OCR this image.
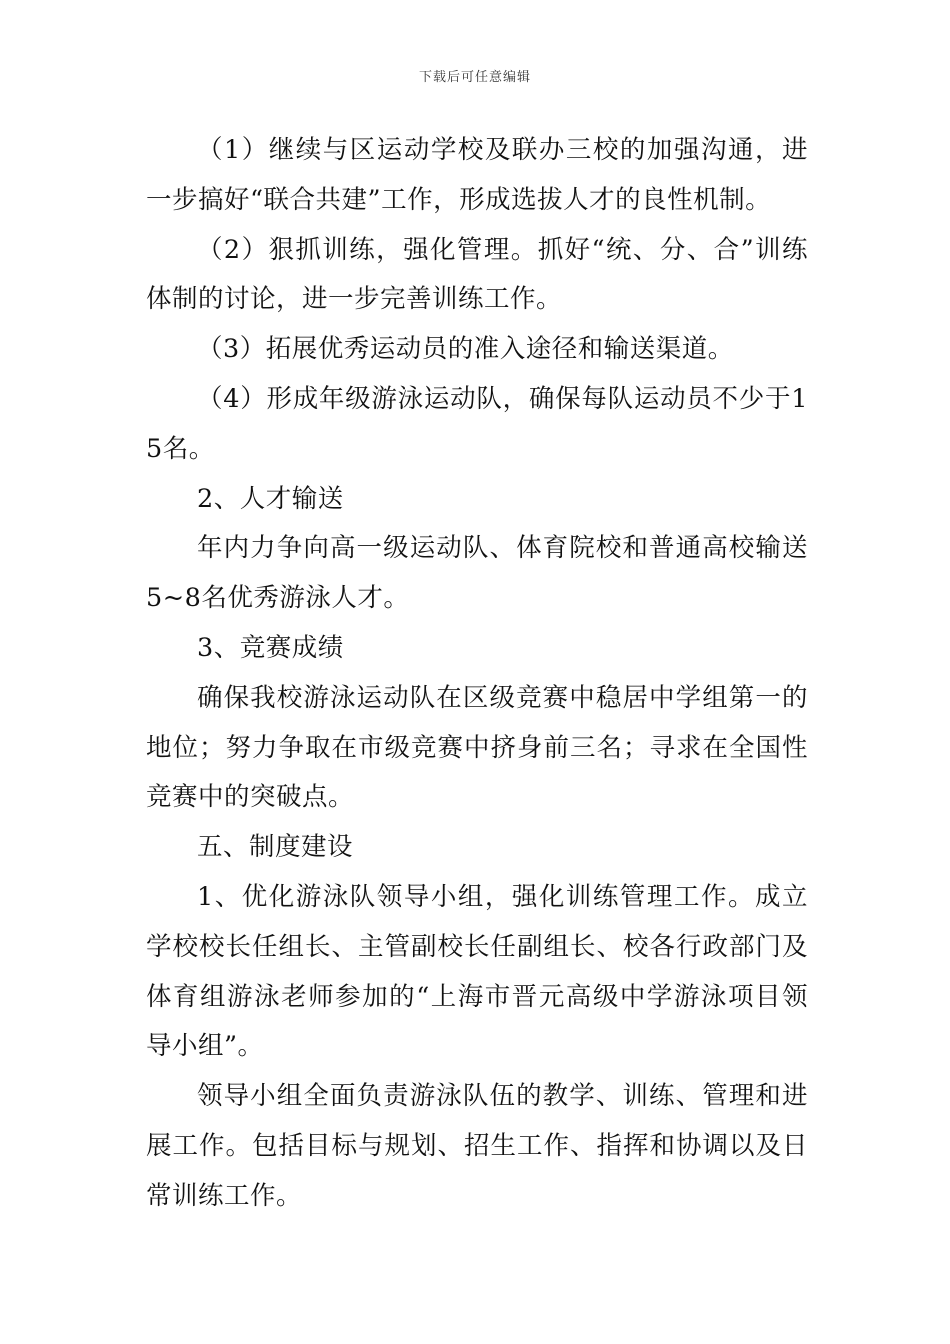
下载后可任意编辑

（1）继续与区运动学校及联办三校的加强沟通，进一步搞好“联合共建”工作，形成选拔人才的良性机制。

（2）狠抓训练，强化管理。抓好“统、分、合”训练体制的讨论，进一步完善训练工作。

（3）拓展优秀运动员的准入途径和输送渠道。

（4）形成年级游泳运动队，确保每队运动员不少于15名。

2、人才输送

年内力争向高一级运动队、体育院校和普通高校输送5~8名优秀游泳人才。

3、竞赛成绩

确保我校游泳运动队在区级竞赛中稳居中学组第一的地位；努力争取在市级竞赛中挤身前三名；寻求在全国性竞赛中的突破点。

五、制度建设

1、优化游泳队领导小组，强化训练管理工作。成立学校校长任组长、主管副校长任副组长、校各行政部门及体育组游泳老师参加的“上海市晋元高级中学游泳项目领导小组”。

领导小组全面负责游泳队伍的教学、训练、管理和进展工作。包括目标与规划、招生工作、指挥和协调以及日常训练工作。
